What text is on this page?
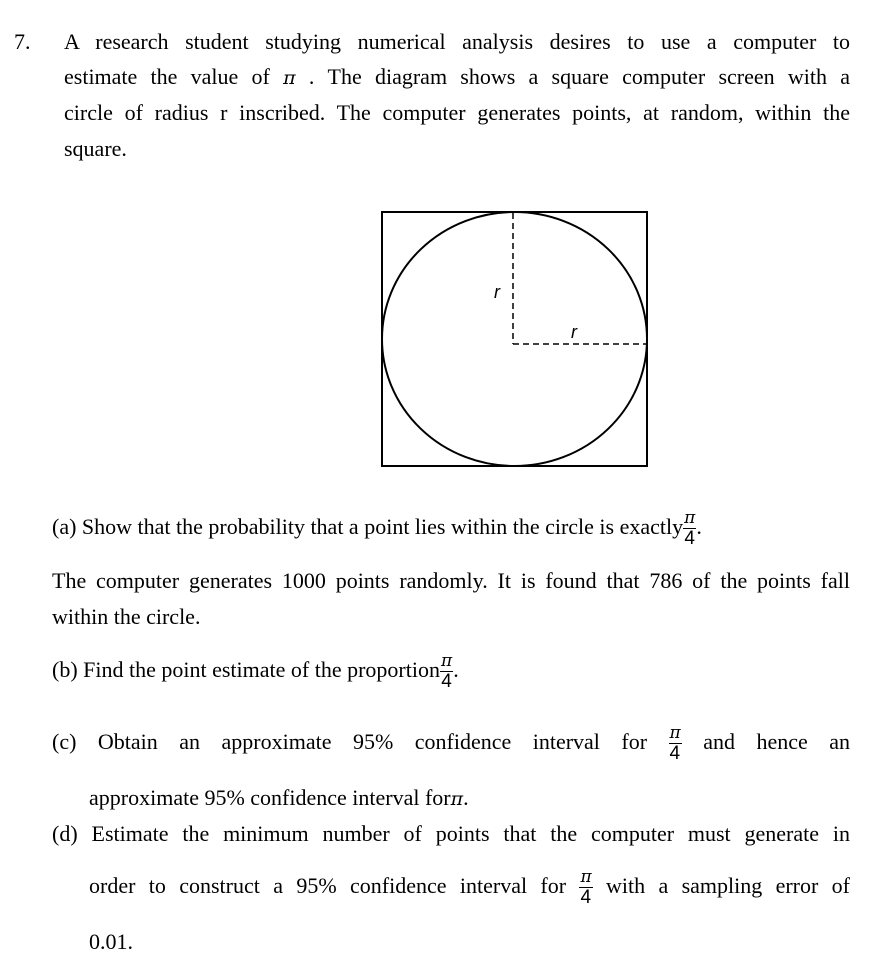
7. A research student studying numerical analysis desires to use a computer to
estimate the value of π . The diagram shows a square computer screen with a
circle of radius r inscribed. The computer generates points, at random, within the
square.
r
r
(a) Show that the probability that a point lies within the circle is exactly $\frac{\pi}{4}$ .
The computer generates 1000 points randomly. It is found that 786 of the points fall
within the circle.
(b) Find the point estimate of the proportion $\frac{\pi}{4}$ .
(c) Obtain an approximate 95% confidence interval for $\frac{\pi}{4}$ and hence an
approximate 95% confidence interval forπ.
(d) Estimate the minimum number of points that the computer must generate in
order to construct a 95% confidence interval for $\frac{\pi}{4}$ with a sampling error of
0.01.
